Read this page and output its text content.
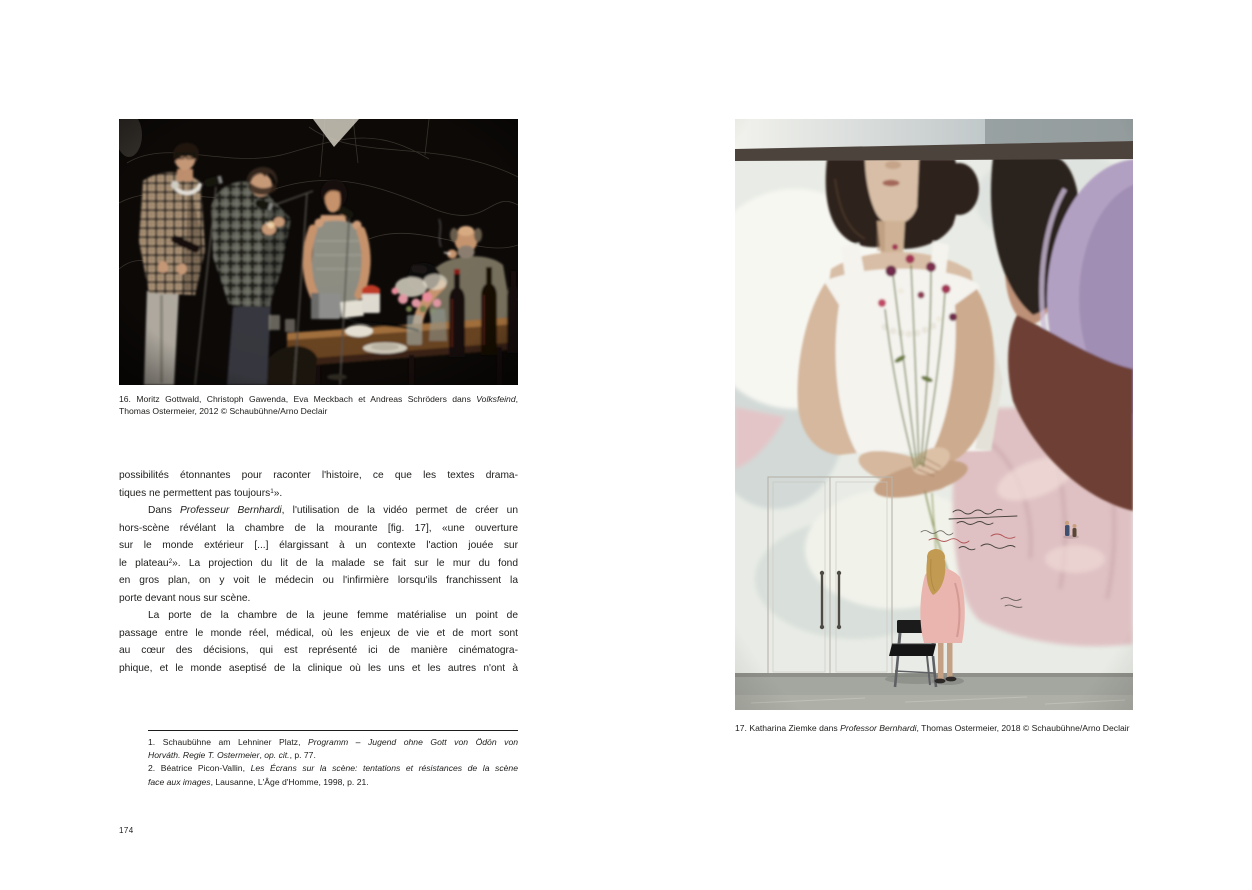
16. Moritz Gottwald, Christoph Gawenda, Eva Meckbach et Andreas Schröders dans Volksfeind,
Thomas Ostermeier, 2012 © Schaubühne/Arno Declair
possibilités étonnantes pour raconter l'histoire, ce que les textes drama-
tiques ne permettent pas toujours$^1$».
Dans Professeur Bernhardi, l'utilisation de la vidéo permet de créer un
hors-scène révélant la chambre de la mourante [fig. 17], «une ouverture
sur le monde extérieur [...] élargissant à un contexte l'action jouée sur
le plateau$^2$». La projection du lit de la malade se fait sur le mur du fond
en gros plan, on y voit le médecin ou l'infirmière lorsqu'ils franchissent la
porte devant nous sur scène.
La porte de la chambre de la jeune femme matérialise un point de
passage entre le monde réel, médical, où les enjeux de vie et de mort sont
au cœur des décisions, qui est représenté ici de manière cinématogra-
phique, et le monde aseptisé de la clinique où les uns et les autres n'ont à
1. Schaubühne am Lehniner Platz, Programm – Jugend ohne Gott von Ödön von
Horváth. Regie T. Ostermeier, op. cit., p. 77.
2. Béatrice Picon-Vallin, Les Écrans sur la scène: tentations et résistances de la scène
face aux images, Lausanne, L'Âge d'Homme, 1998, p. 21.
174
17. Katharina Ziemke dans Professor Bernhardi, Thomas Ostermeier, 2018 © Schaubühne/Arno Declair
